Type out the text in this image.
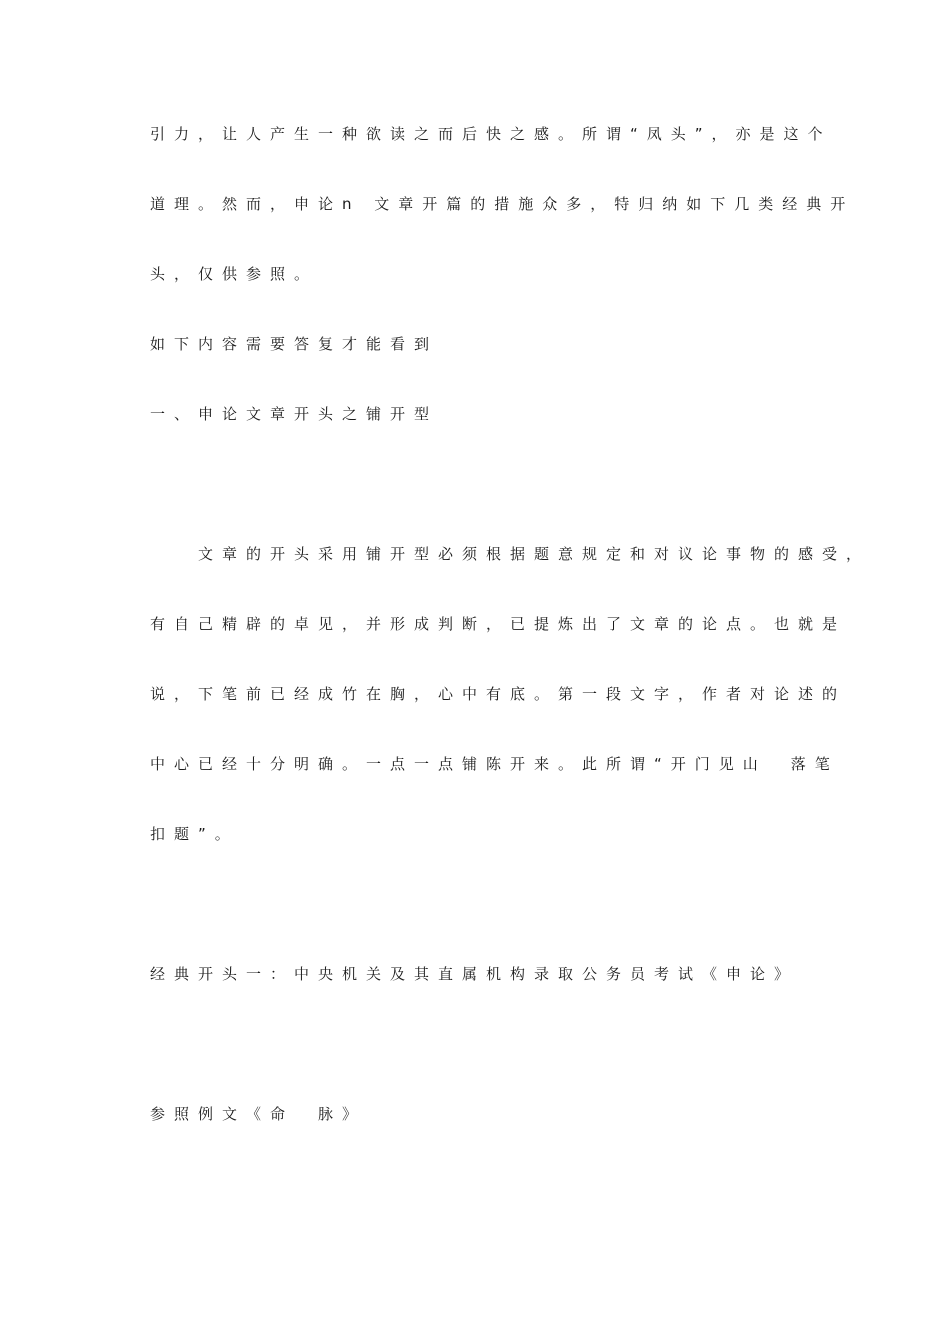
引力，让人产生一种欲读之而后快之感。所谓“凤头”，亦是这个
道理。然而，申论n 文章开篇的措施众多，特归纳如下几类经典开
头，仅供参照。
如下内容需要答复才能看到
一、申论文章开头之铺开型
　　文章的开头采用铺开型必须根据题意规定和对议论事物的感受，
有自己精辟的卓见，并形成判断，已提炼出了文章的论点。也就是
说，下笔前已经成竹在胸，心中有底。第一段文字，作者对论述的
中心已经十分明确。一点一点铺陈开来。此所谓“开门见山　落笔
扣题”。
经典开头一：中央机关及其直属机构录取公务员考试《申论》
参照例文《命　脉》
